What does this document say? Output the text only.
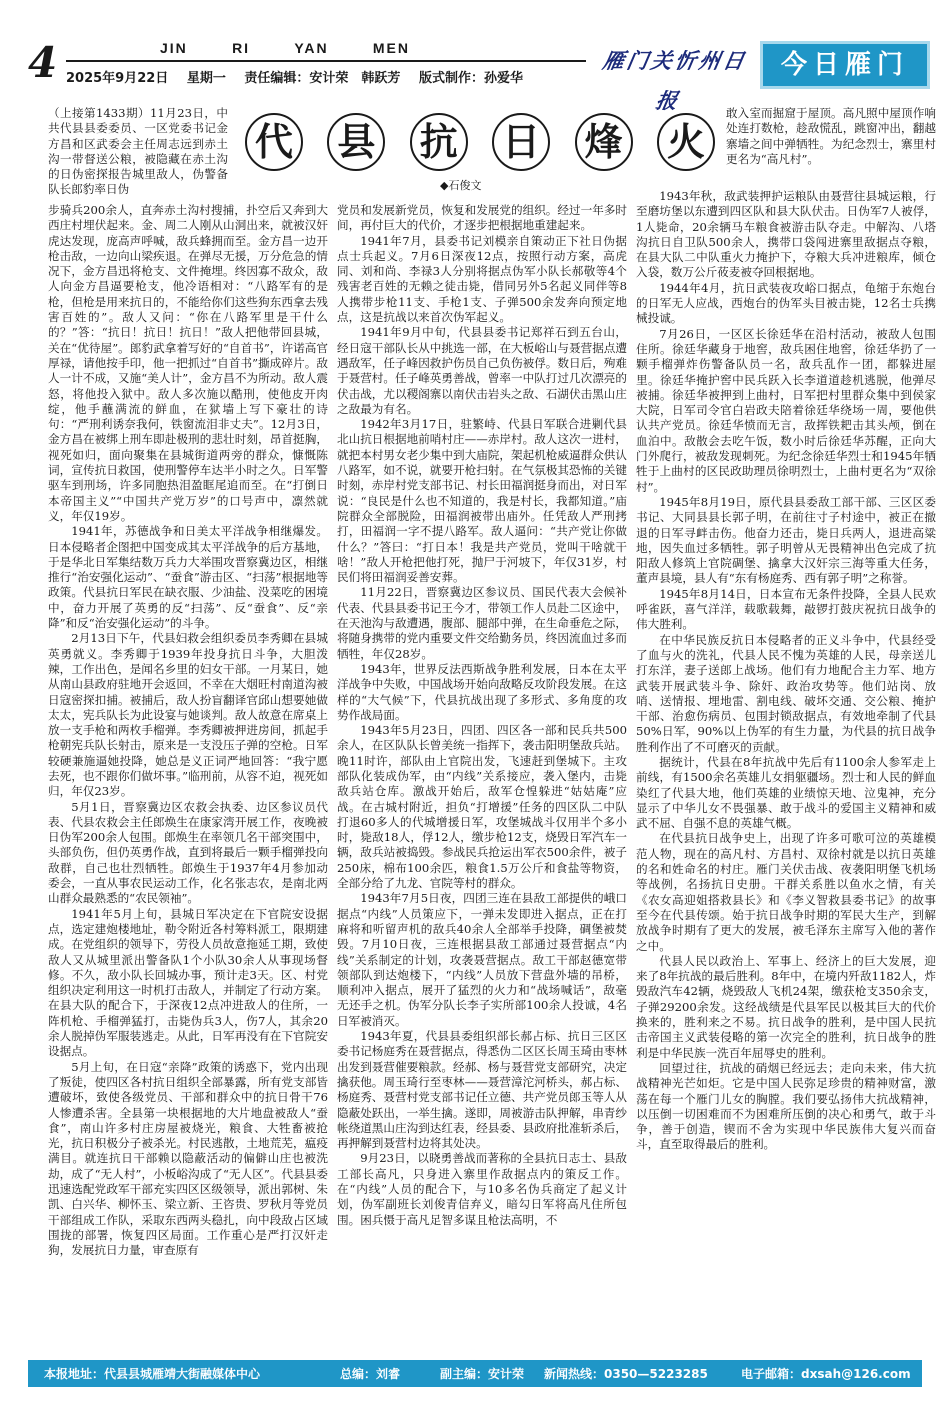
4	JIN	RI	YAN	MEN
2025年9月22日 星期一 责任编辑：安计荣　韩跃芳 版式制作：孙爱华
雁门关忻州日报
今日雁门
代 县 抗 日 烽 火
◆石俊文

（上接第1433期）11月23日，中共代县县委委员、一区党委书记金方昌和区武委会主任周志远到赤土沟一带督送公粮，被隐藏在赤土沟的日伪密探报告城里敌人，伪警备队长郎豹率日伪

步骑兵200余人，直奔赤土沟村搜捕，扑空后又奔到大西庄村埋伏起来。金、周二人刚从山洞出来，就被汉奸虎达发现，庞高声呼喊，敌兵蜂拥而至。金方昌一边开枪击敌，一边向山梁疾退。在弹尽无援，万分危急的情况下，金方昌迅将枪支、文件掩埋。终因寡不敌众，敌人向金方昌逼要枪支，他冷语相对：“八路军有的是枪，但枪是用来抗日的，不能给你们这些狗东西拿去残害百姓的”。敌人又问：“你在八路军里是干什么的？”答：“抗日！抗日！抗日！”敌人把他带回县城，关在“优待屋”。郎豹武拿着写好的“自首书”，许诺高官厚禄，请他按手印，他一把抓过“自首书”撕成碎片。敌人一计不成，又施“美人计”，金方昌不为所动。敌人震怒，将他投入狱中。敌人多次施以酷刑，使他皮开肉绽，他手蘸满流的鲜血，在狱墙上写下豪壮的诗句：“严刑利诱奈我何，铁窗流泪非丈夫”。12月3日，金方昌在被绑上刑车即赴极刑的悲壮时刻，昂首挺胸，视死如归，面向聚集在县城街道两旁的群众，慷慨陈词，宣传抗日救国，使刑警停车达半小时之久。日军警驱车到刑场，许多同胞热泪盈眶尾追而至。在“打倒日本帝国主义”“中国共产党万岁”的口号声中，凛然就义，年仅19岁。

1941年，苏德战争和日美太平洋战争相继爆发。日本侵略者企图把中国变成其太平洋战争的后方基地，于是华北日军集结数万兵力大举围攻晋察冀边区，相继推行“治安强化运动”、“蚕食”游击区、“扫荡”根据地等政策。代县抗日军民在缺衣服、少油盐、没菜吃的困境中，奋力开展了英勇的反“扫荡”、反“蚕食”、反“亲降”和反“治安强化运动”的斗争。

2月13日下午，代县妇救会组织委员李秀卿在县城英勇就义。李秀卿于1939年投身抗日斗争，大胆泼辣，工作出色，是闻名乡里的妇女干部。一月某日，她从南山县政府驻地开会返回，不幸在大烟旺村南道沟被日寇密探扣捕。被捕后，敌人扮盲翻译官邱山想要她做太太，宪兵队长为此设宴与她谈判。敌人故意在席桌上放一支手枪和两枚手榴弹。李秀卿被押进房间，抓起手枪朝宪兵队长射击，原来是一支没压子弹的空枪。日军较硬兼施逼她投降，她总是义正词严地回答：“我宁愿去死，也不跟你们做坏事。”临刑前，从容不迫，视死如归，年仅23岁。

5月1日，晋察冀边区农救会执委、边区参议员代表、代县农救会主任郎焕生在康家湾开展工作，夜晚被日伪军200余人包围。郎焕生在率领几名干部突围中，头部负伤，但仍英勇作战，直到将最后一颗手榴弹投向敌群，自己也壮烈牺牲。郎焕生于1937年4月参加动委会，一直从事农民运动工作，化名张志农，是南北两山群众最熟悉的“农民领袖”。

1941年5月上旬，县城日军决定在下官院安设据点，选定建炮楼地址，勒令附近各村筹料派工，限期建成。在党组织的领导下，劳役人员故意拖延工期，致使敌人又从城里派出警备队1个小队30余人从事现场督修。不久，敌小队长回城办事，预计走3天。区、村党组织决定利用这一时机打击敌人，并制定了行动方案。在县大队的配合下，于深夜12点冲进敌人的住所，一阵机枪、手榴弹猛打，击毙伪兵3人，伤7人，其余20余人脱掉伪军服装逃走。从此，日军再没有在下官院安设据点。

5月上旬，在日寇“亲降”政策的诱惑下，党内出现了叛徒，使四区各村抗日组织全部暴露，所有党支部皆遭破坏，致使各级党员、干部和群众中的抗日骨干76人惨遭杀害。全县第一块根据地的大片地盘被敌人“蚕食”，南山许多村庄房屋被烧光，粮食、大牲畜被抢光，抗日积极分子被杀光。村民逃散，土地荒芜，瘟疫满目。就连抗日干部赖以隐蔽活动的偏僻山庄也被洗劫，成了“无人村”，小板峪沟成了“无人区”。代县县委迅速选配党政军干部充实四区区级领导，派出郭树、朱凯、白兴华、柳怀玉、梁立新、王咨贵、罗秋月等党员干部组成工作队，采取东西两头稳扎，向中段敌占区域围拢的部署，恢复四区局面。工作重心是严打汉奸走狗，发展抗日力量，审查原有

党员和发展新党员，恢复和发展党的组织。经过一年多时间，再付巨大的代价，才逐步把根据地重建起来。

1941年7月，县委书记刘模亲自策动正下社日伪据点士兵起义。7月6日深夜12点，按照行动方案，高虎同、刘和尚、李禄3人分别将据点伪军小队长郝敬等4个残害老百姓的无赖之徒击毙，借同另外5名起义同伴等8人携带步枪11支、手枪1支、子弹500余发奔向预定地点，这是抗战以来首次伪军起义。

1941年9月中旬，代县县委书记郑祥石到五台山，经日寇干部队长从中挑选一部，在大板峪山与聂营据点遭遇敌军，任子峰因救护伤员自己负伤被俘。数日后，殉难于聂营村。任子峰英勇善战，曾率一中队打过几次漂亮的伏击战，尤以稷阁寨以南伏击岩头之敌、石湖伏击黑山庄之敌最为有名。

1942年3月17日，驻繁峙、代县日军联合进剿代县北山抗日根据地前哨村庄——赤岸村。敌人这次一进村，就把本村男女老少集中到大庙院，架起机枪威逼群众供认八路军，如不说，就要开枪扫射。在气氛极其恐怖的关键时刻，赤岸村党支部书记、村长田福润挺身而出，对日军说：“良民是什么也不知道的，我是村长，我都知道。”庙院群众全部脱险，田福润被带出庙外。任凭敌人严刑拷打，田福润一字不提八路军。敌人逼问：“共产党让你做什么？”答曰：“打日本！我是共产党员，党叫干啥就干啥！”敌人开枪把他打死，抛尸于河坡下，年仅31岁，村民们将田福润妥善安葬。

11月22日，晋察冀边区参议员、国民代表大会候补代表、代县县委书记王今才，带领工作人员赴二区途中，在天池沟与敌遭遇，腹部、腿部中弹，在生命垂危之际，将随身携带的党内重要文件交给勤务员，终因流血过多而牺牲，年仅28岁。

1943年，世界反法西斯战争胜利发展，日本在太平洋战争中失败，中国战场开始向敌略反攻阶段发展。在这样的“大气候”下，代县抗战出现了多形式、多角度的攻势作战局面。

1943年5月23日，四团、四区各一部和民兵共500余人，在区队队长曾美统一指挥下，袭击阳明堡敌兵站。晚11时许，部队由上官院出发，飞速赶到堡城下。主攻部队化装成伪军，由“内线”关系接应，袭入堡内，击毙敌兵站仓库。激战开始后，敌军仓惶躲进“姑姑庵”应战。在古城村附近，担负“打增援”任务的四区队二中队打退60多人的代城增援日军，攻堡城战斗仅用半个多小时，毙敌18人，俘12人，缴步枪12支，烧毁日军汽车一辆，敌兵站被捣毁。参战民兵抢运出军衣500余件，被子250床，棉布100余匹，粮食1.5万公斤和食盐等物资，全部分给了九龙、官院等村的群众。

1943年7月5日夜，四团三连在县敌工部提供的峨口据点“内线”人员策应下，一弹未发即进入据点，正在打麻将和听留声机的敌兵40余人全部举手投降，碉堡被焚毁。7月10日夜，三连根据县敌工部通过聂营据点“内线”关系制定的计划，攻袭聂营据点。敌工干部赵德宽带领部队到达炮楼下，“内线”人员放下营盘外墙的吊桥，顺利冲入据点，展开了猛烈的火力和“战场喊话”，敌毫无还手之机。伪军分队长李子实所部100余人投诚，4名日军被消灭。

1943年夏，代县县委组织部长郝占标、抗日三区区委书记杨庭秀在聂营据点，得悉伪二区区长周玉琦由枣林出发到聂营催要粮款。经郝、杨与聂营党支部研究，决定擒获他。周玉琦行至枣林——聂营漳沱河桥头，郝占标、杨庭秀、聂营村党支部书记任立德、共产党员郎玉等人从隐蔽处跃出，一举生擒。遂即，周被游击队押解，串青纱帐绕道黑山庄沟到达红表，经县委、县政府批准斩杀后，再押解到聂营村边将其处决。

9月23日，以晓勇善战而著称的全县抗日志士、县敌工部长高凡，只身进入寨里作敌据点内的策反工作。在“内线”人员的配合下，与10多名伪兵商定了起义计划，伪军副班长刘俊青信弃义，暗勾日军将高凡住所包围。困兵慑于高凡足智多谋且枪法高明，不

敢入室而掘窟于屋顶。高凡照中屋顶作响处连打数枪，趁敌慌乱，跳窗冲出，翻越寨墙之间中弹牺牲。为纪念烈士，寨里村更名为“高凡村”。

1943年秋，敌武装押护运粮队由聂营往县城运粮，行至磨坊堡以东遭到四区队和县大队伏击。日伪军7人被俘，1人毙命，20余辆马车粮食被游击队夺走。中解沟、八塔沟抗日自卫队500余人，携带口袋闯进寨里敌据点夺粮，在县大队二中队重火力掩护下，夺粮大兵冲进粮库，倾仓入袋，数万公斤莜麦被夺回根据地。

1944年4月，抗日武装夜攻峪口据点，龟缩于东炮台的日军无人应战，西炮台的伪军头目被击毙，12名士兵携械投诚。

7月26日，一区区长徐廷华在沿村活动，被敌人包围住所。徐廷华藏身于地窖，敌兵困住地窖，徐廷华扔了一颗手榴弹炸伤警备队员一名，敌兵乱作一团，都躲进屋里。徐廷华掩护窖中民兵跃入长李道道趁机逃脱，他弹尽被捕。徐廷华被押到上曲村，日军把村里群众集中到侯家大院，日军司令官白岩政夫陪着徐廷华绕场一周，要他供认共产党员。徐廷华愤而无言，敌挥铁耙击其头颅，倒在血泊中。敌散会去吃午饭，数小时后徐廷华苏醒，正向大门外爬行，被敌发现刺死。为纪念徐廷华烈士和1945年牺牲于上曲村的区民政助理员徐明烈士，上曲村更名为“双徐村”。

1945年8月19日，原代县县委敌工部干部、三区区委书记、大同县县长郭子明，在前往寸子村途中，被正在撤退的日军寻衅击伤。他奋力还击，毙日兵两人，退进高粱地，因失血过多牺牲。郭子明曾从无畏精神出色完成了抗阳敌人修筑上官院碉堡、擒拿大汉奸宗三海等重大任务，董声县境，县人有“东有杨庭秀、西有郭子明”之称誉。

1945年8月14日，日本宣布无条件投降，全县人民欢呼雀跃，喜气洋洋，载歌载舞，敲锣打鼓庆祝抗日战争的伟大胜利。

在中华民族反抗日本侵略者的正义斗争中，代县经受了血与火的洗礼，代县人民不愧为英雄的人民，母亲送儿打东洋，妻子送郎上战场。他们有力地配合主力军、地方武装开展武装斗争、除奸、政治攻势等。他们站岗、放哨、送情报、埋地雷、割电线、破坏交通、交公粮、掩护干部、治愈伤病员、包围封锁敌据点，有效地牵制了代县50%日军，90%以上伪军的有生力量，为代县的抗日战争胜利作出了不可磨灭的贡献。

据统计，代县在8年抗战中先后有1100余人参军走上前线，有1500余名英雄儿女捐躯疆场。烈士和人民的鲜血染红了代县大地，他们英雄的业绩惊天地、泣鬼神，充分显示了中华儿女不畏强暴、敢于战斗的爱国主义精神和威武不屈、自强不息的英雄气概。

在代县抗日战争史上，出现了许多可歌可泣的英雄模范人物，现在的高凡村、方昌村、双徐村就是以抗日英雄的名和姓命名的村庄。雁门关伏击战、夜袭阳明堡飞机场等战例，名扬抗日史册。干群关系胜以鱼水之情，有关《农女高迎姐搭救县长》和《李义智救县委书记》的故事至今在代县传颂。始于抗日战争时期的军民大生产，到解放战争时期有了更大的发展，被毛泽东主席写入他的著作之中。

代县人民以政治上、军事上、经济上的巨大发展，迎来了8年抗战的最后胜利。8年中，在境内歼敌1182人，炸毁敌汽车42辆，烧毁敌人飞机24架，缴获枪支350余支，子弹29200余发。这经战绩是代县军民以极其巨大的代价换来的，胜利来之不易。抗日战争的胜利，是中国人民抗击帝国主义武装侵略的第一次完全的胜利，抗日战争的胜利是中华民族一洗百年屈辱史的胜利。

回望过往，抗战的硝烟已经远去；走向未来，伟大抗战精神光芒如炬。它是中国人民弥足珍贵的精神财富，激荡在每一个雁门儿女的胸膛。我们要弘扬伟大抗战精神，以压倒一切困难而不为困难所压倒的决心和勇气，敢于斗争，善于创造，锲而不舍为实现中华民族伟大复兴而奋斗，直至取得最后的胜利。

本报地址：代县县城雁靖大街融媒体中心	总编：刘睿	副主编：安计荣 新闻热线：0350—5223285	电子邮箱：dxsah@126.com
